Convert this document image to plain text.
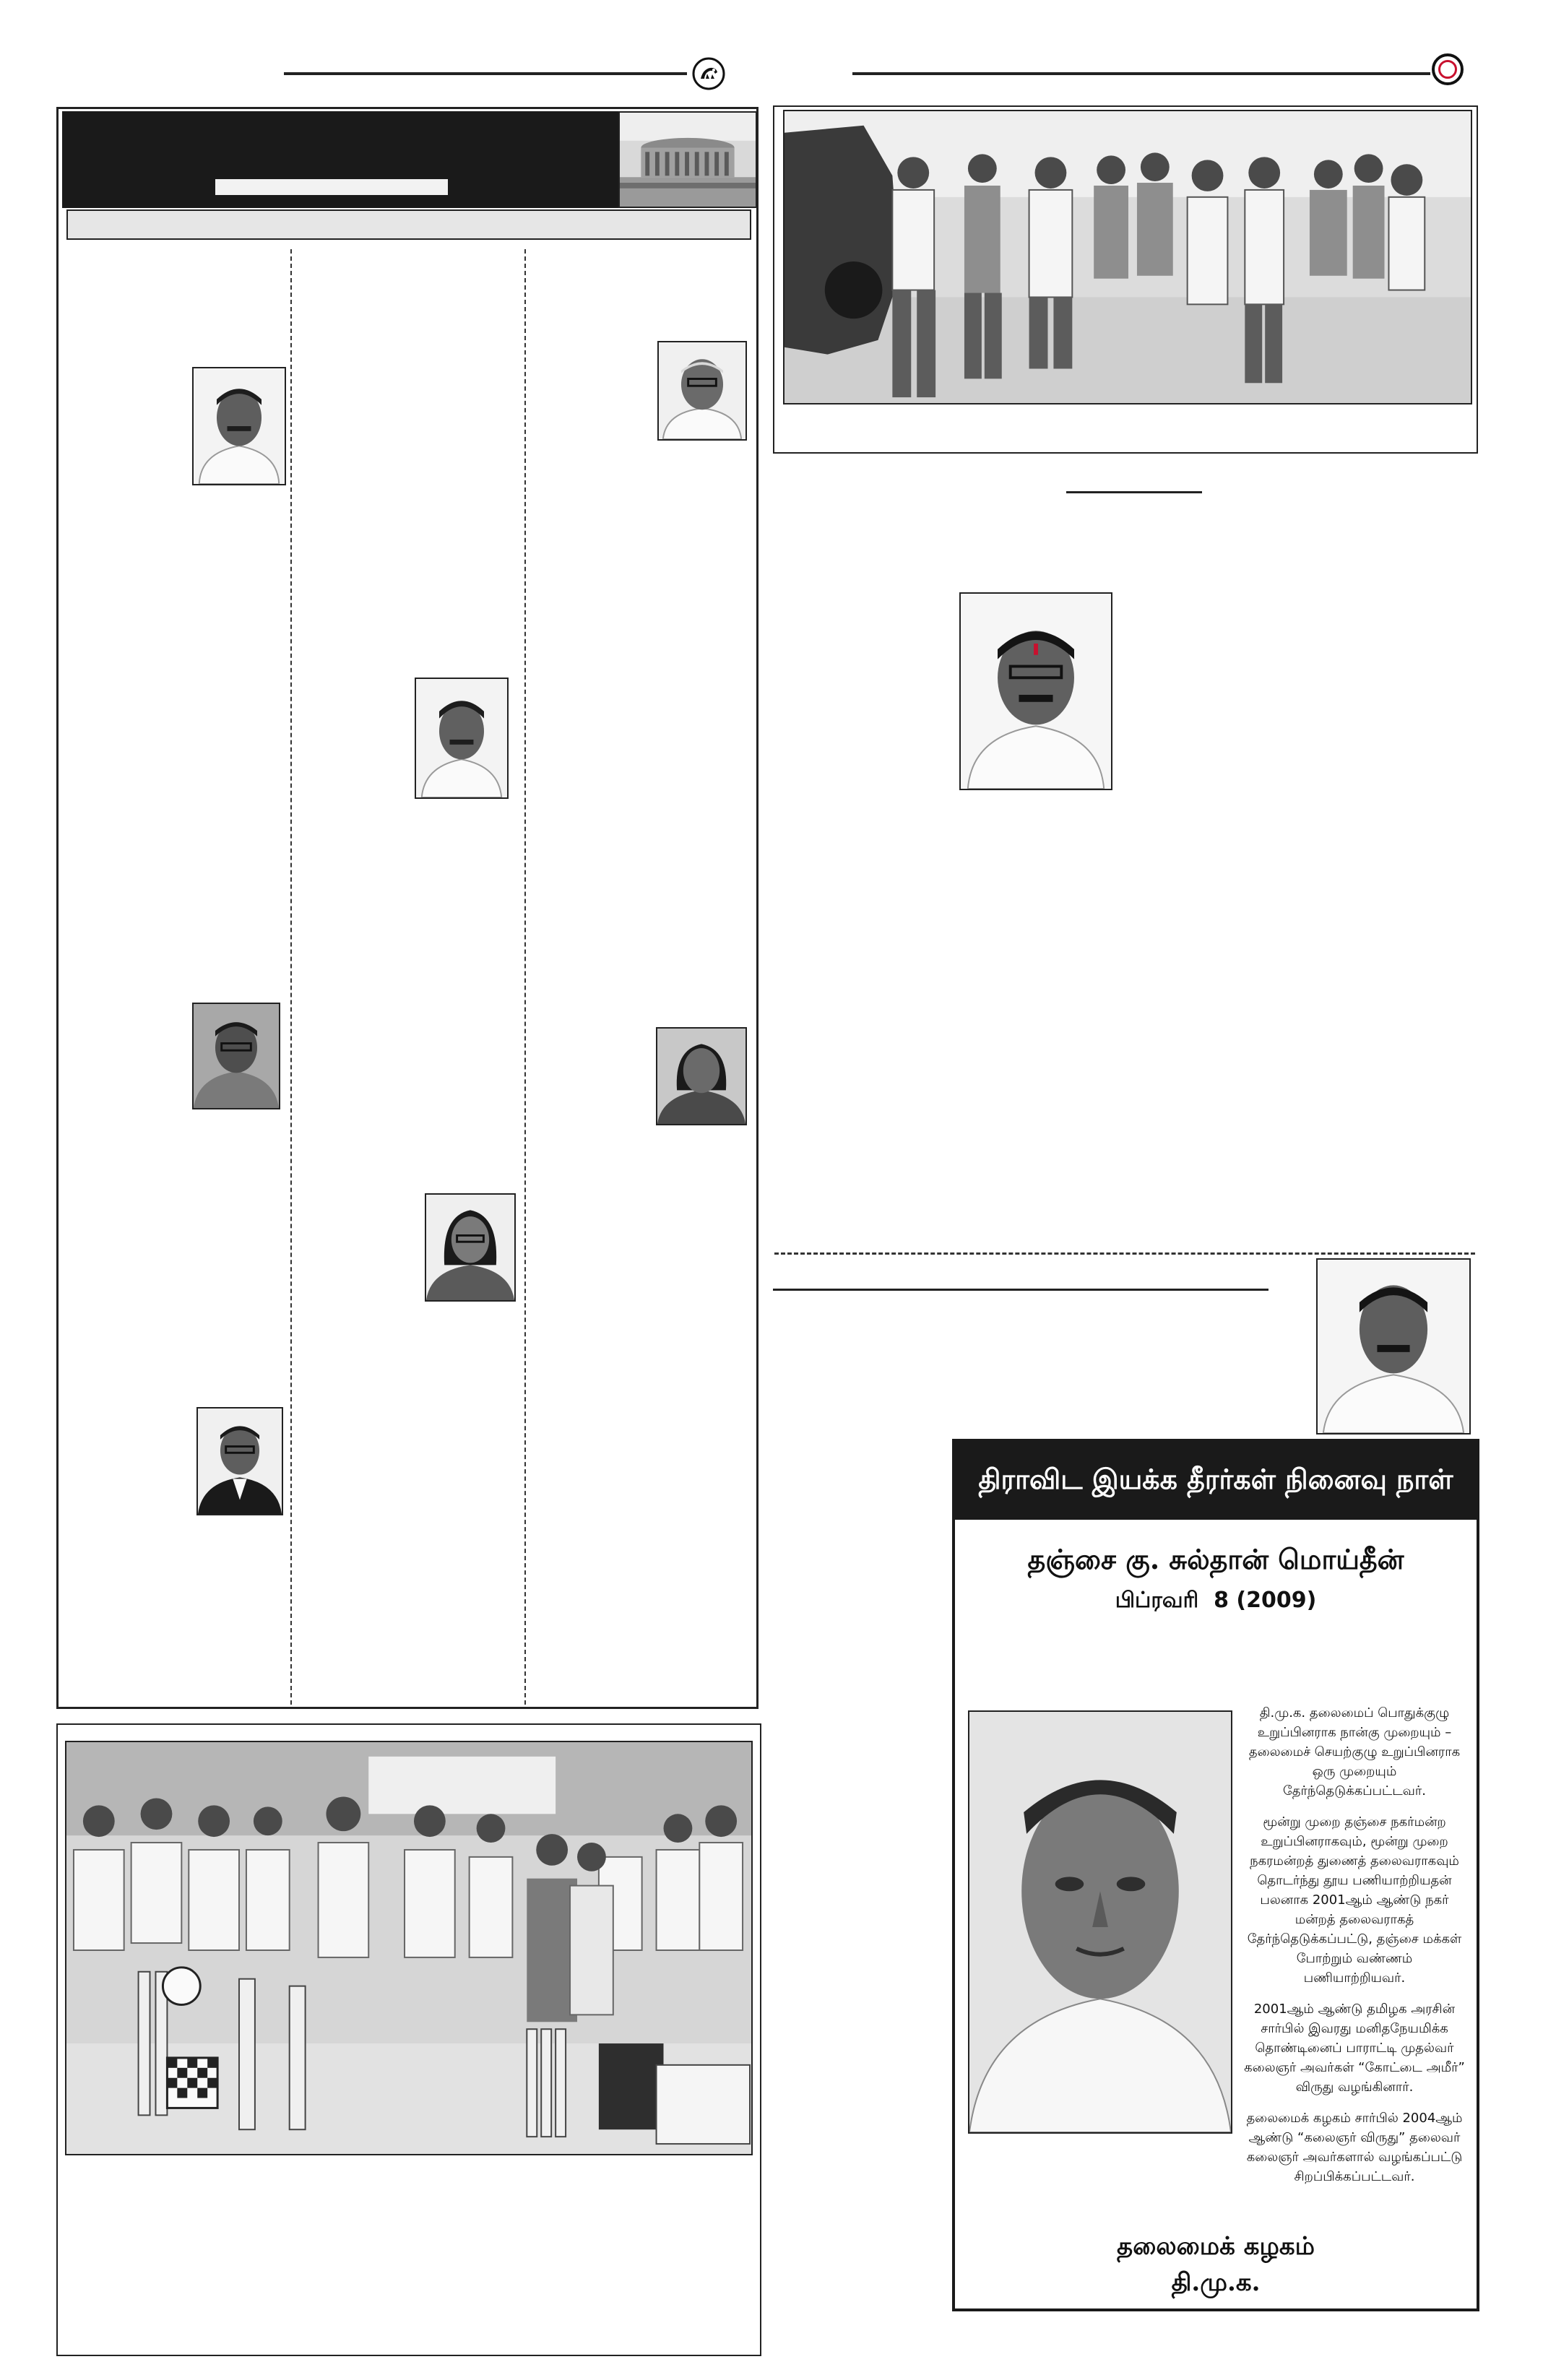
திராவிட இயக்க தீரர்கள் நினைவு நாள்
தஞ்சை கு. சுல்தான் மொய்தீன்
பிப்ரவரி  8 (2009)

தி.மு.க. தலைமைப் பொதுக்குழு உறுப்பினராக நான்கு முறையும் – தலைமைச் செயற்குழு உறுப்பினராக ஒரு முறையும் தேர்ந்தெடுக்கப்பட்டவர்.

மூன்று முறை தஞ்சை நகர்மன்ற உறுப்பினராகவும், மூன்று முறை நகரமன்றத் துணைத் தலைவராகவும் தொடர்ந்து தூய பணியாற்றியதன் பலனாக 2001ஆம் ஆண்டு நகர் மன்றத் தலைவராகத் தேர்ந்தெடுக்கப்பட்டு, தஞ்சை மக்கள் போற்றும் வண்ணம் பணியாற்றியவர்.

2001ஆம் ஆண்டு தமிழக அரசின் சார்பில் இவரது மனிதநேயமிக்க தொண்டினைப் பாராட்டி முதல்வர் கலைஞர் அவர்கள் “கோட்டை அமீர்” விருது வழங்கினார்.

தலைமைக் கழகம் சார்பில் 2004ஆம் ஆண்டு “கலைஞர் விருது” தலைவர் கலைஞர் அவர்களால் வழங்கப்பட்டு சிறப்பிக்கப்பட்டவர்.

தலைமைக் கழகம்
தி.மு.க.
